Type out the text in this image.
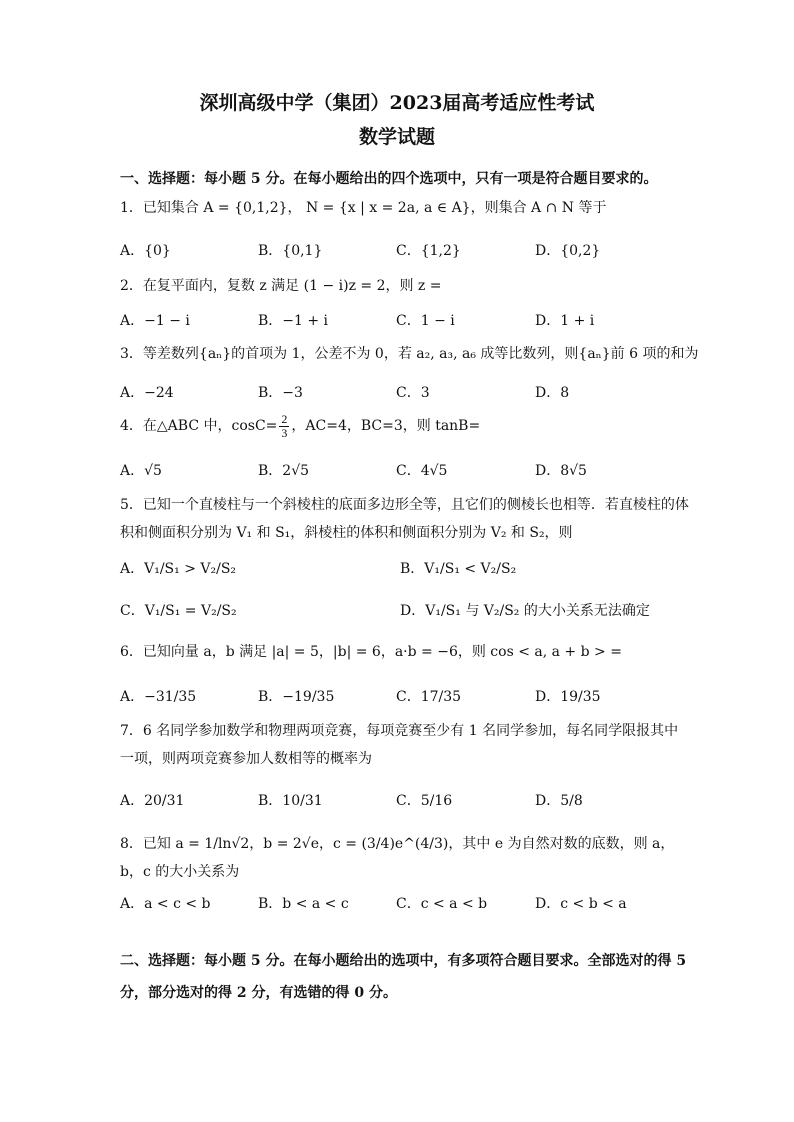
深圳高级中学（集团）2023届高考适应性考试
数学试题
一、选择题：每小题 5 分。在每小题给出的四个选项中，只有一项是符合题目要求的。
1．已知集合 A = {0,1,2}， N = {x | x = 2a, a ∈ A}，则集合 A ∩ N 等于
A．{0}	B．{0,1}	C．{1,2}	D．{0,2}
2．在复平面内，复数 z 满足 (1 − i)z = 2，则 z =
A．−1 − i	B．−1 + i	C．1 − i	D．1 + i
3．等差数列{aₙ}的首项为 1，公差不为 0，若 a₂, a₃, a₆ 成等比数列，则{aₙ}前 6 项的和为
A．−24	B．−3	C．3	D．8
4．在△ABC 中，$\cos C= \frac{2}{3}$ ，AC=4，BC=3，则 tanB=
A．√5	B．2√5	C．4√5	D．8√5
5．已知一个直棱柱与一个斜棱柱的底面多边形全等，且它们的侧棱长也相等．若直棱柱的体积和侧面积分别为 V₁ 和 S₁，斜棱柱的体积和侧面积分别为 V₂ 和 S₂，则
A．V₁/S₁ > V₂/S₂	B．V₁/S₁ < V₂/S₂
C．V₁/S₁ = V₂/S₂	D．V₁/S₁ 与 V₂/S₂ 的大小关系无法确定
6．已知向量 a，b 满足 |a| = 5，|b| = 6，a·b = −6，则 cos < a, a + b > =
A．−31/35	B．−19/35	C．17/35	D．19/35
7．6 名同学参加数学和物理两项竞赛，每项竞赛至少有 1 名同学参加，每名同学限报其中一项，则两项竞赛参加人数相等的概率为
A．20/31	B．10/31	C．5/16	D．5/8
8．已知 a = 1/ln√2，b = 2√e，c = (3/4)e^(4/3)，其中 e 为自然对数的底数，则 a，b，c 的大小关系为
A．a < c < b	B．b < a < c	C．c < a < b	D．c < b < a
二、选择题：每小题 5 分。在每小题给出的选项中，有多项符合题目要求。全部选对的得 5 分，部分选对的得 2 分，有选错的得 0 分。
